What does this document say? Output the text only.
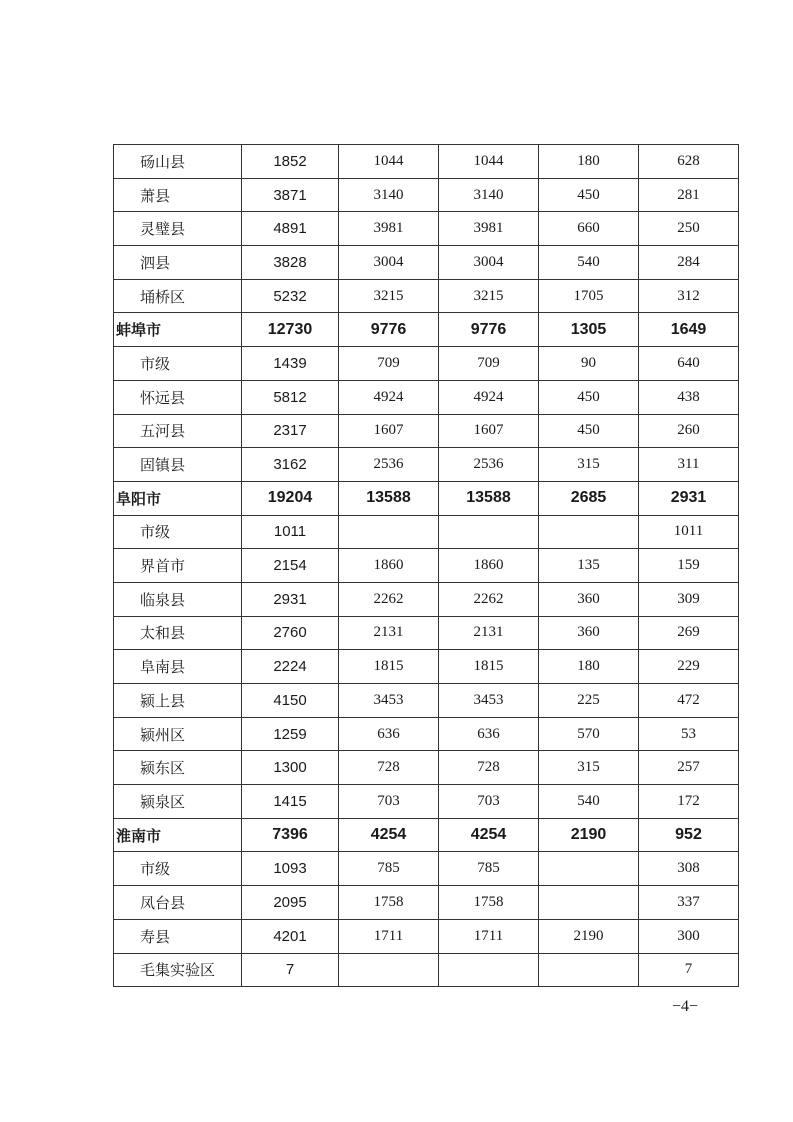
砀山县	1852	1044	1044	180	628
萧县	3871	3140	3140	450	281
灵璧县	4891	3981	3981	660	250
泗县	3828	3004	3004	540	284
埇桥区	5232	3215	3215	1705	312
蚌埠市	12730	9776	9776	1305	1649
市级	1439	709	709	90	640
怀远县	5812	4924	4924	450	438
五河县	2317	1607	1607	450	260
固镇县	3162	2536	2536	315	311
阜阳市	19204	13588	13588	2685	2931
市级	1011				1011
界首市	2154	1860	1860	135	159
临泉县	2931	2262	2262	360	309
太和县	2760	2131	2131	360	269
阜南县	2224	1815	1815	180	229
颍上县	4150	3453	3453	225	472
颍州区	1259	636	636	570	53
颍东区	1300	728	728	315	257
颍泉区	1415	703	703	540	172
淮南市	7396	4254	4254	2190	952
市级	1093	785	785		308
凤台县	2095	1758	1758		337
寿县	4201	1711	1711	2190	300
毛集实验区	7				7
−4−
